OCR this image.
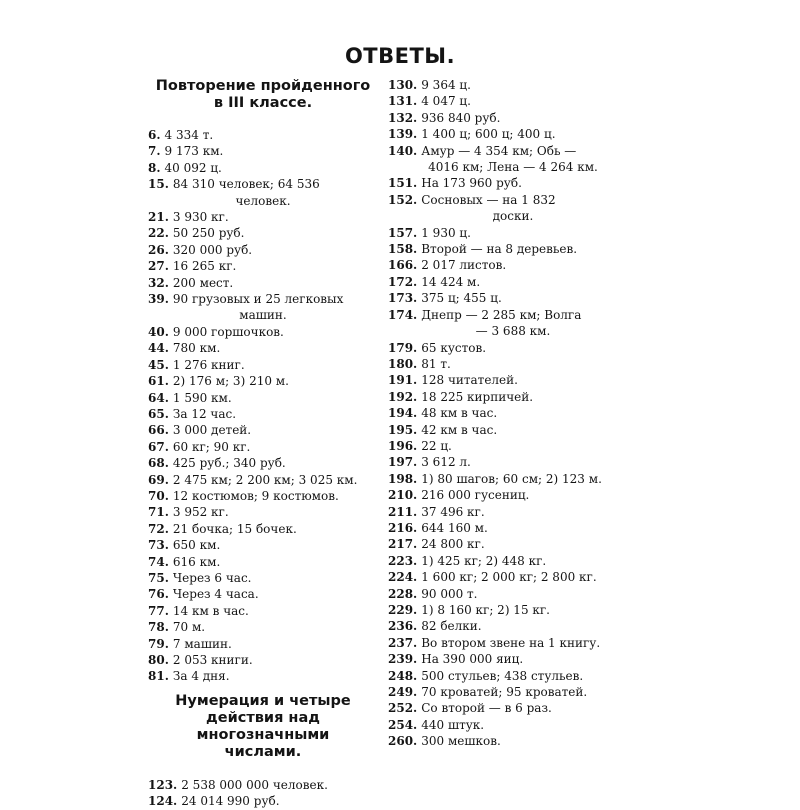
ОТВЕТЫ.
Повторение пройденного
в III классе.
6. 4 334 т.
7. 9 173 км.
8. 40 092 ц.
15. 84 310 человек; 64 536
человек.
21. 3 930 кг.
22. 50 250 руб.
26. 320 000 руб.
27. 16 265 кг.
32. 200 мест.
39. 90 грузовых и 25 легковых
машин.
40. 9 000 горшочков.
44. 780 км.
45. 1 276 книг.
61. 2) 176 м; 3) 210 м.
64. 1 590 км.
65. За 12 час.
66. 3 000 детей.
67. 60 кг; 90 кг.
68. 425 руб.; 340 руб.
69. 2 475 км; 2 200 км; 3 025 км.
70. 12 костюмов; 9 костюмов.
71. 3 952 кг.
72. 21 бочка; 15 бочек.
73. 650 км.
74. 616 км.
75. Через 6 час.
76. Через 4 часа.
77. 14 км в час.
78. 70 м.
79. 7 машин.
80. 2 053 книги.
81. За 4 дня.
Нумерация и четыре
действия над многозначными
числами.
123. 2 538 000 000 человек.
124. 24 014 990 руб.
130. 9 364 ц.
131. 4 047 ц.
132. 936 840 руб.
139. 1 400 ц; 600 ц; 400 ц.
140. Амур — 4 354 км; Обь —
4016 км; Лена — 4 264 км.
151. На 173 960 руб.
152. Сосновых — на 1 832
доски.
157. 1 930 ц.
158. Второй — на 8 деревьев.
166. 2 017 листов.
172. 14 424 м.
173. 375 ц; 455 ц.
174. Днепр — 2 285 км; Волга
— 3 688 км.
179. 65 кустов.
180. 81 т.
191. 128 читателей.
192. 18 225 кирпичей.
194. 48 км в час.
195. 42 км в час.
196. 22 ц.
197. 3 612 л.
198. 1) 80 шагов; 60 см; 2) 123 м.
210. 216 000 гусениц.
211. 37 496 кг.
216. 644 160 м.
217. 24 800 кг.
223. 1) 425 кг; 2) 448 кг.
224. 1 600 кг; 2 000 кг; 2 800 кг.
228. 90 000 т.
229. 1) 8 160 кг; 2) 15 кг.
236. 82 белки.
237. Во втором звене на 1 книгу.
239. На 390 000 яиц.
248. 500 стульев; 438 стульев.
249. 70 кроватей; 95 кроватей.
252. Со второй — в 6 раз.
254. 440 штук.
260. 300 мешков.
